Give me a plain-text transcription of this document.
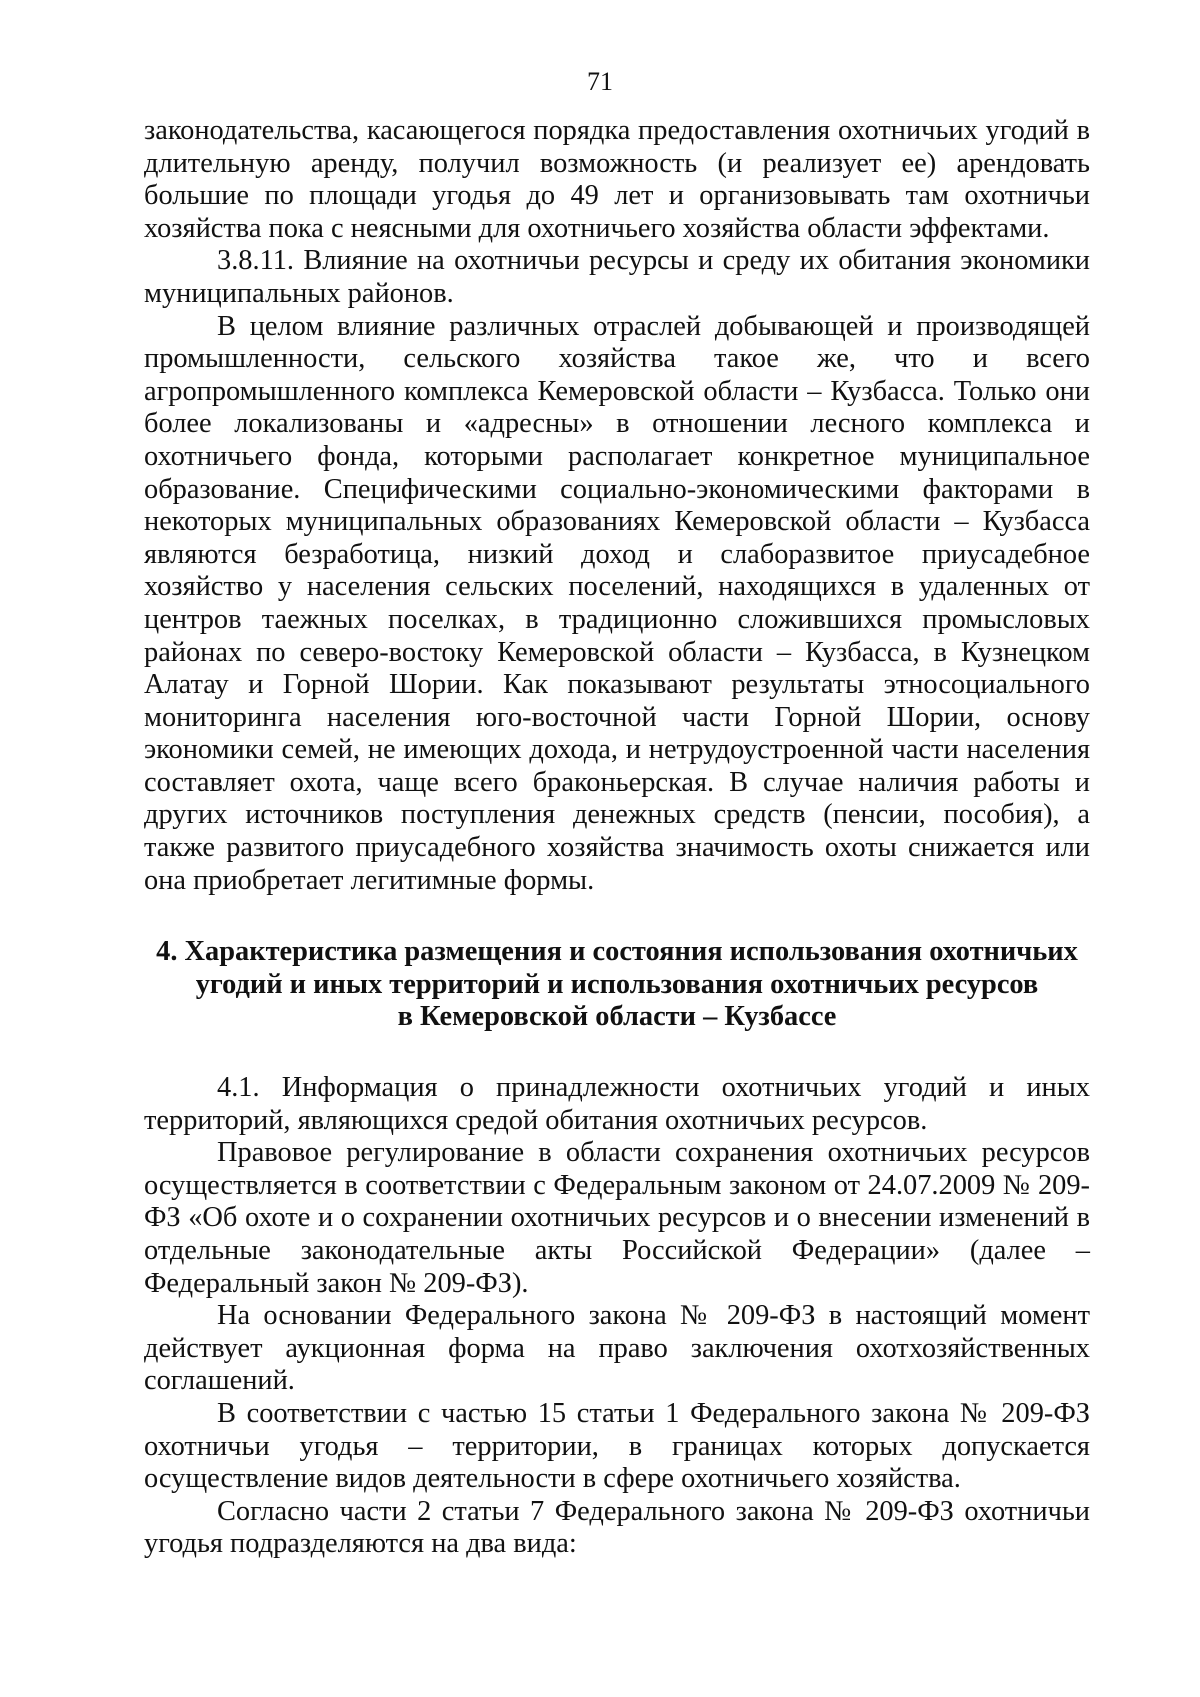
71

законодательства, касающегося порядка предоставления охотничьих угодий в длительную аренду, получил возможность (и реализует ее) арендовать большие по площади угодья до 49 лет и организовывать там охотничьи хозяйства пока с неясными для охотничьего хозяйства области эффектами.

3.8.11. Влияние на охотничьи ресурсы и среду их обитания экономики муниципальных районов.

В целом влияние различных отраслей добывающей и производящей промышленности, сельского хозяйства такое же, что и всего агропромышленного комплекса Кемеровской области – Кузбасса. Только они более локализованы и «адресны» в отношении лесного комплекса и охотничьего фонда, которыми располагает конкретное муниципальное образование. Специфическими социально-экономическими факторами в некоторых муниципальных образованиях Кемеровской области – Кузбасса являются безработица, низкий доход и слаборазвитое приусадебное хозяйство у населения сельских поселений, находящихся в удаленных от центров таежных поселках, в традиционно сложившихся промысловых районах по северо-востоку Кемеровской области – Кузбасса, в Кузнецком Алатау и Горной Шории. Как показывают результаты этносоциального мониторинга населения юго-восточной части Горной Шории, основу экономики семей, не имеющих дохода, и нетрудоустроенной части населения составляет охота, чаще всего браконьерская. В случае наличия работы и других источников поступления денежных средств (пенсии, пособия), а также развитого приусадебного хозяйства значимость охоты снижается или она приобретает легитимные формы.

4. Характеристика размещения и состояния использования охотничьих
угодий и иных территорий и использования охотничьих ресурсов
в Кемеровской области – Кузбассе

4.1. Информация о принадлежности охотничьих угодий и иных территорий, являющихся средой обитания охотничьих ресурсов.

Правовое регулирование в области сохранения охотничьих ресурсов осуществляется в соответствии с Федеральным законом от 24.07.2009 № 209-ФЗ «Об охоте и о сохранении охотничьих ресурсов и о внесении изменений в отдельные законодательные акты Российской Федерации» (далее – Федеральный закон № 209-ФЗ).

На основании Федерального закона № 209-ФЗ в настоящий момент действует аукционная форма на право заключения охотхозяйственных соглашений.

В соответствии с частью 15 статьи 1 Федерального закона № 209-ФЗ охотничьи угодья – территории, в границах которых допускается осуществление видов деятельности в сфере охотничьего хозяйства.

Согласно части 2 статьи 7 Федерального закона № 209-ФЗ охотничьи угодья подразделяются на два вида:
